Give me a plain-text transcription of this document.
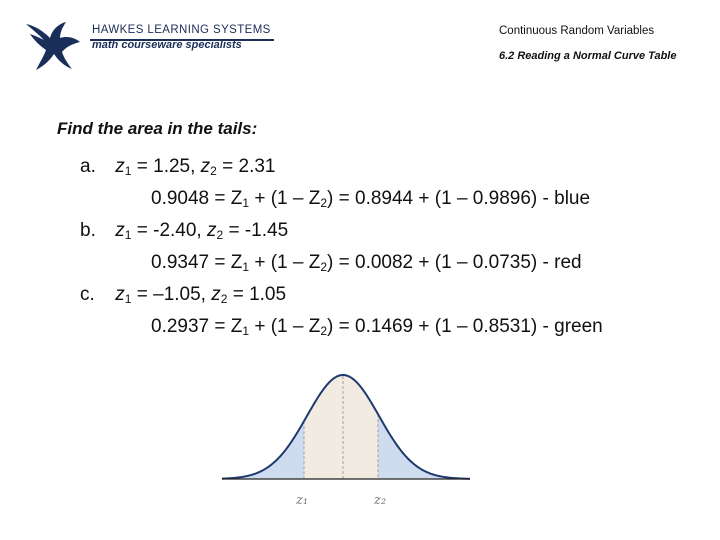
HAWKES LEARNING SYSTEMS
math courseware specialists
Continuous Random Variables
6.2 Reading a Normal Curve Table
Find the area in the tails:
a. $z_1 = 1.25$, $z_2 = 2.31$
$0.9048 = Z_1 + (1 - Z_2) = 0.8944 + (1 - 0.9896)$ - blue
b. $z_1 = -2.40$, $z_2 = -1.45$
$0.9347 = Z_1 + (1 - Z_2) = 0.0082 + (1 - 0.0735)$ - red
c. $z_1 = -1.05$, $z_2 = 1.05$
$0.2937 = Z_1 + (1 - Z_2) = 0.1469 + (1 - 0.8531)$ - green
z₁	z₂
